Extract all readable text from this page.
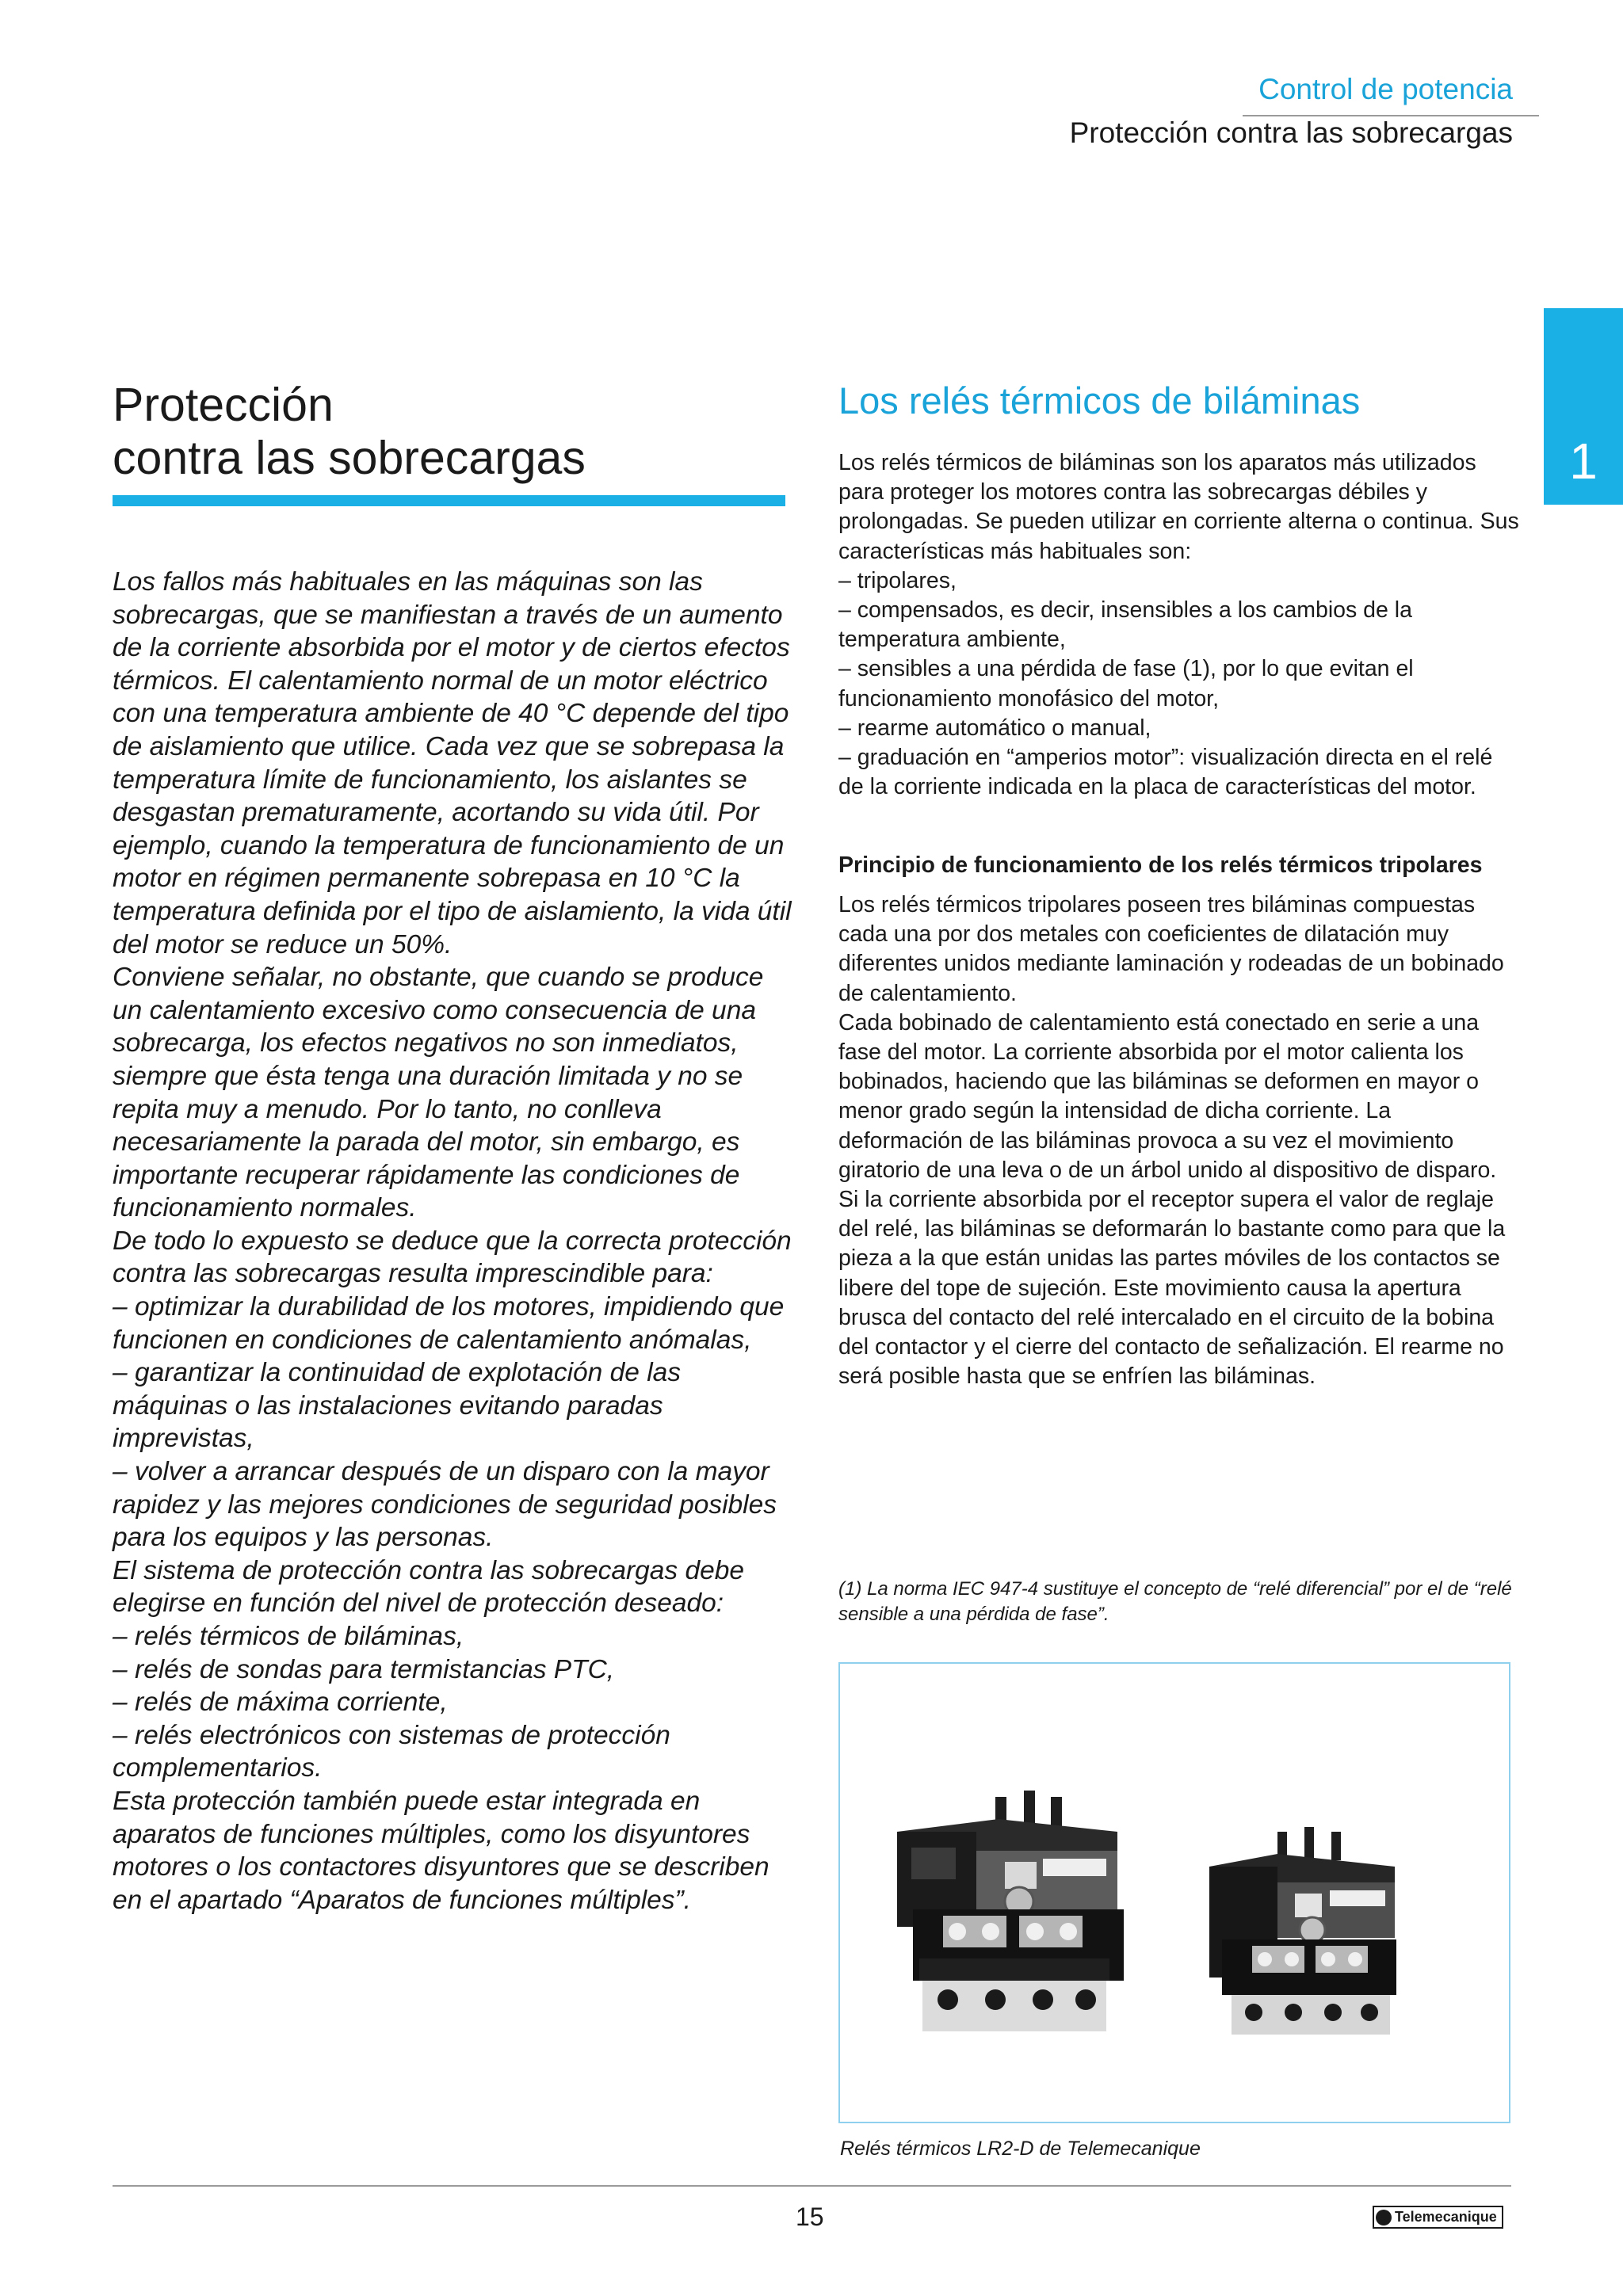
Control de potencia
Protección contra las sobrecargas
1
Protección
contra las sobrecargas

Los fallos más habituales en las máquinas son las sobrecargas, que se manifiestan a través de un aumento de la corriente absorbida por el motor y de ciertos efectos térmicos. El calentamiento normal de un motor eléctrico con una temperatura ambiente de 40 °C depende del tipo de aislamiento que utilice. Cada vez que se sobrepasa la temperatura límite de funcionamiento, los aislantes se desgastan prematuramente, acortando su vida útil. Por ejemplo, cuando la temperatura de funcionamiento de un motor en régimen permanente sobrepasa en 10 °C la temperatura definida por el tipo de aislamiento, la vida útil del motor se reduce un 50%.

Conviene señalar, no obstante, que cuando se produce un calentamiento excesivo como consecuencia de una sobrecarga, los efectos negativos no son inmediatos, siempre que ésta tenga una duración limitada y no se repita muy a menudo. Por lo tanto, no conlleva necesariamente la parada del motor, sin embargo, es importante recuperar rápidamente las condiciones de funcionamiento normales.

De todo lo expuesto se deduce que la correcta protección contra las sobrecargas resulta imprescindible para:

– optimizar la durabilidad de los motores, impidiendo que funcionen en condiciones de calentamiento anómalas,

– garantizar la continuidad de explotación de las máquinas o las instalaciones evitando paradas imprevistas,

– volver a arrancar después de un disparo con la mayor rapidez y las mejores condiciones de seguridad posibles para los equipos y las personas.

El sistema de protección contra las sobrecargas debe elegirse en función del nivel de protección deseado:

– relés térmicos de biláminas,

– relés de sondas para termistancias PTC,

– relés de máxima corriente,

– relés electrónicos con sistemas de protección complementarios.

Esta protección también puede estar integrada en aparatos de funciones múltiples, como los disyuntores motores o los contactores disyuntores que se describen en el apartado “Aparatos de funciones múltiples”.

Los relés térmicos de biláminas

Los relés térmicos de biláminas son los aparatos más utilizados para proteger los motores contra las sobrecargas débiles y prolongadas. Se pueden utilizar en corriente alterna o continua. Sus características más habituales son:

– tripolares,

– compensados, es decir, insensibles a los cambios de la temperatura ambiente,

– sensibles a una pérdida de fase (1), por lo que evitan el funcionamiento monofásico del motor,

– rearme automático o manual,

– graduación en “amperios motor”: visualización directa en el relé de la corriente indicada en la placa de características del motor.

Principio de funcionamiento de los relés térmicos tripolares

Los relés térmicos tripolares poseen tres biláminas compuestas cada una por dos metales con coeficientes de dilatación muy diferentes unidos mediante laminación y rodeadas de un bobinado de calentamiento.

Cada bobinado de calentamiento está conectado en serie a una fase del motor. La corriente absorbida por el motor calienta los bobinados, haciendo que las biláminas se deformen en mayor o menor grado según la intensidad de dicha corriente. La deformación de las biláminas provoca a su vez el movimiento giratorio de una leva o de un árbol unido al dispositivo de disparo.

Si la corriente absorbida por el receptor supera el valor de reglaje del relé, las biláminas se deformarán lo bastante como para que la pieza a la que están unidas las partes móviles de los contactos se libere del tope de sujeción. Este movimiento causa la apertura brusca del contacto del relé intercalado en el circuito de la bobina del contactor y el cierre del contacto de señalización. El rearme no será posible hasta que se enfríen las biláminas.

(1) La norma IEC 947-4 sustituye el concepto de “relé diferencial” por el de “relé sensible a una pérdida de fase”.
Relés térmicos LR2-D de Telemecanique
15	Telemecanique
